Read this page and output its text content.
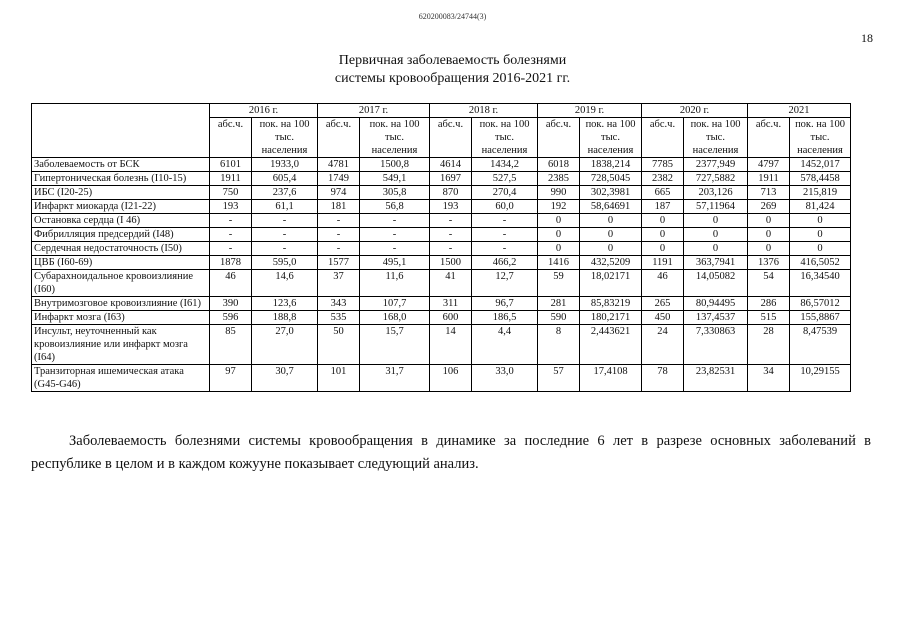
620200083/24744(3)
18
Первичная заболеваемость болезнями
системы кровообращения 2016-2021 гг.
	2016 г.		2017 г.		2018 г.		2019 г.		2020 г.		2021	
	абс.ч.	пок. на 100 тыс. населения	абс.ч.	пок. на 100 тыс. населения	абс.ч.	пок. на 100 тыс. населения	абс.ч.	пок. на 100 тыс. населения	абс.ч.	пок. на 100 тыс. населения	абс.ч.	пок. на 100 тыс. населения
Заболеваемость от БСК	6101	1933,0	4781	1500,8	4614	1434,2	6018	1838,214	7785	2377,949	4797	1452,017
Гипертоническая болезнь (I10-15)	1911	605,4	1749	549,1	1697	527,5	2385	728,5045	2382	727,5882	1911	578,4458
ИБС (I20-25)	750	237,6	974	305,8	870	270,4	990	302,3981	665	203,126	713	215,819
Инфаркт миокарда (I21-22)	193	61,1	181	56,8	193	60,0	192	58,64691	187	57,11964	269	81,424
Остановка сердца (I 46)	-	-	-	-	-	-	0	0	0	0	0	0
Фибрилляция предсердий (I48)	-	-	-	-	-	-	0	0	0	0	0	0
Сердечная недостаточность (I50)	-	-	-	-	-	-	0	0	0	0	0	0
ЦВБ (I60-69)	1878	595,0	1577	495,1	1500	466,2	1416	432,5209	1191	363,7941	1376	416,5052
Субарахноидальное кровоизлияние (I60)	46	14,6	37	11,6	41	12,7	59	18,02171	46	14,05082	54	16,34540
Внутримозговое кровоизлияние (I61)	390	123,6	343	107,7	311	96,7	281	85,83219	265	80,94495	286	86,57012
Инфаркт мозга (I63)	596	188,8	535	168,0	600	186,5	590	180,2171	450	137,4537	515	155,8867
Инсульт, неуточненный как кровоизлияние или инфаркт мозга (I64)	85	27,0	50	15,7	14	4,4	8	2,443621	24	7,330863	28	8,47539
Транзиторная ишемическая атака (G45-G46)	97	30,7	101	31,7	106	33,0	57	17,4108	78	23,82531	34	10,29155
Заболеваемость болезнями системы кровообращения в динамике за последние 6 лет в разрезе основных заболеваний в республике в целом и в каждом кожууне показывает следующий анализ.
